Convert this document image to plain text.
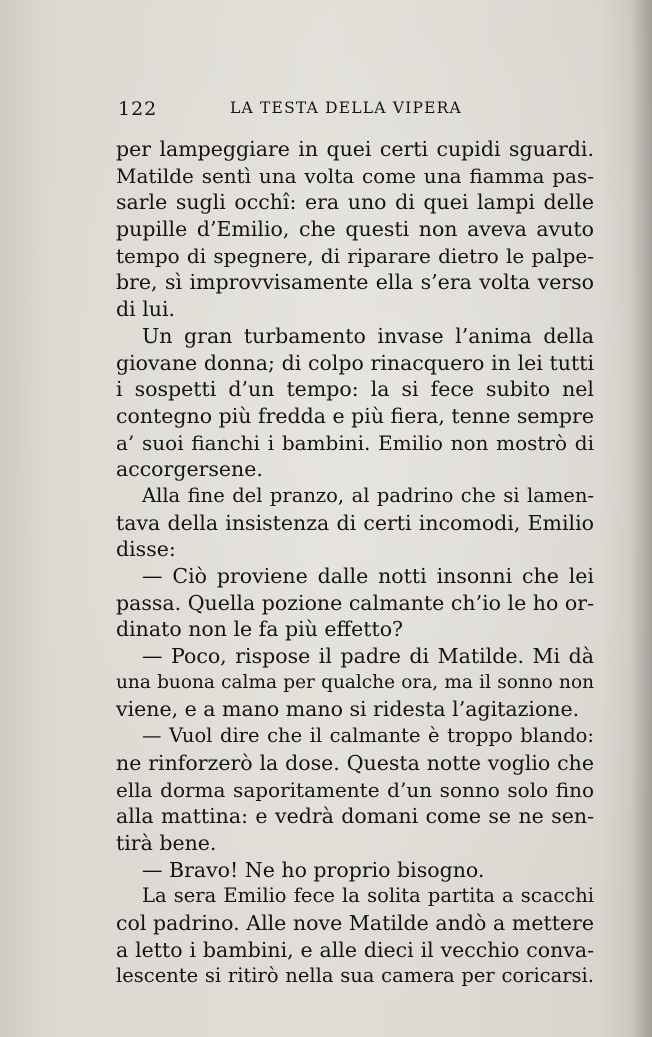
122	LA TESTA DELLA VIPERA
per lampeggiare in quei certi cupidi sguardi.
Matilde sentì una volta come una fiamma pas-
sarle sugli occhî: era uno di quei lampi delle
pupille d’Emilio, che questi non aveva avuto
tempo di spegnere, di riparare dietro le palpe-
bre, sì improvvisamente ella s’era volta verso
di lui.
Un gran turbamento invase l’anima della
giovane donna; di colpo rinacquero in lei tutti
i sospetti d’un tempo: la si fece subito nel
contegno più fredda e più fiera, tenne sempre
a’ suoi fianchi i bambini. Emilio non mostrò di
accorgersene.
Alla fine del pranzo, al padrino che si lamen-
tava della insistenza di certi incomodi, Emilio
disse:
— Ciò proviene dalle notti insonni che lei
passa. Quella pozione calmante ch’io le ho or-
dinato non le fa più effetto?
— Poco, rispose il padre di Matilde. Mi dà
una buona calma per qualche ora, ma il sonno non
viene, e a mano mano si ridesta l’agitazione.
— Vuol dire che il calmante è troppo blando:
ne rinforzerò la dose. Questa notte voglio che
ella dorma saporitamente d’un sonno solo fino
alla mattina: e vedrà domani come se ne sen-
tirà bene.
— Bravo! Ne ho proprio bisogno.
La sera Emilio fece la solita partita a scacchi
col padrino. Alle nove Matilde andò a mettere
a letto i bambini, e alle dieci il vecchio conva-
lescente si ritirò nella sua camera per coricarsi.
